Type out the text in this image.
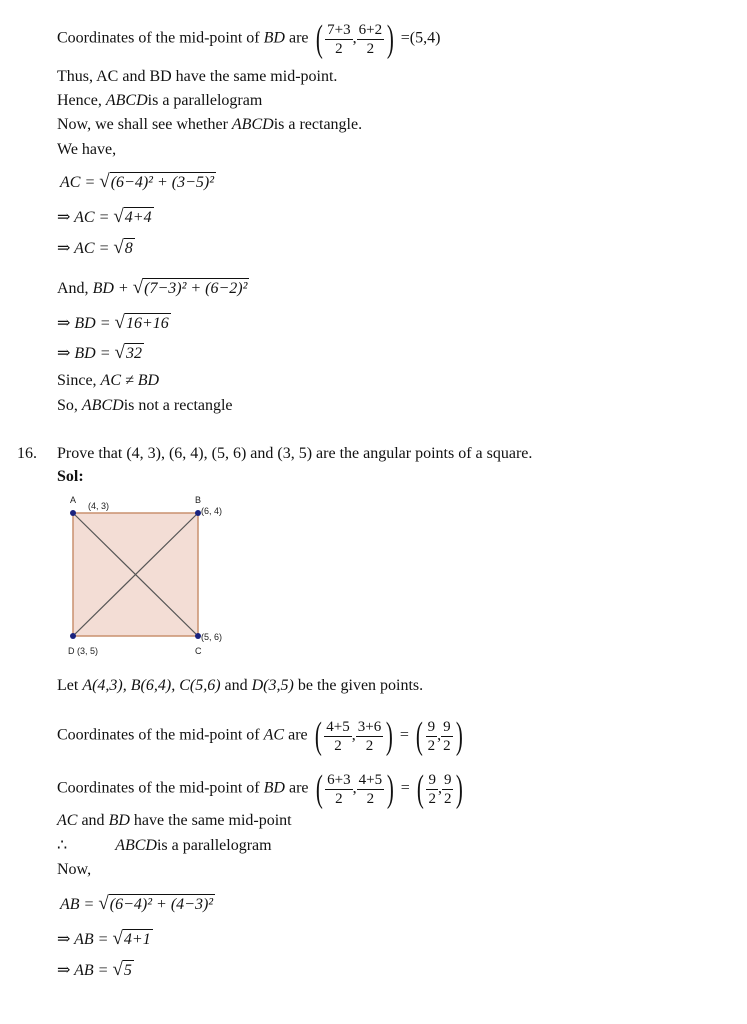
Coordinates of the mid-point of BD are ( $\frac{7+3}{2}$ , $\frac{6+2}{2}$ ) =(5,4)
Thus, AC and BD have the same mid-point.
Hence, ABCDis a parallelogram
Now, we shall see whether ABCDis a rectangle.
We have,
AC = √(6−4)² + (3−5)²
⇒ AC = √4+4
⇒ AC = √8
And, BD + √(7−3)² + (6−2)²
⇒ BD = √16+16
⇒ BD = √32
Since, AC ≠ BD
So, ABCDis not a rectangle
16. Prove that (4, 3), (6, 4), (5, 6) and (3, 5) are the angular points of a square.
Sol:
A
(4, 3)
B
(6, 4)
(5, 6)
C
D (3, 5)
Let A(4,3), B(6,4), C(5,6) and D(3,5) be the given points.
Coordinates of the mid-point of AC are ( $\frac{4+5}{2}$ , $\frac{3+6}{2}$ ) = ( $\frac{9}{2}$ , $\frac{9}{2}$ )
Coordinates of the mid-point of BD are ( $\frac{6+3}{2}$ , $\frac{4+5}{2}$ ) = ( $\frac{9}{2}$ , $\frac{9}{2}$ )
AC and BD have the same mid-point
∴	ABCDis a parallelogram
Now,
AB = √(6−4)² + (4−3)²
⇒ AB = √4+1
⇒ AB = √5
